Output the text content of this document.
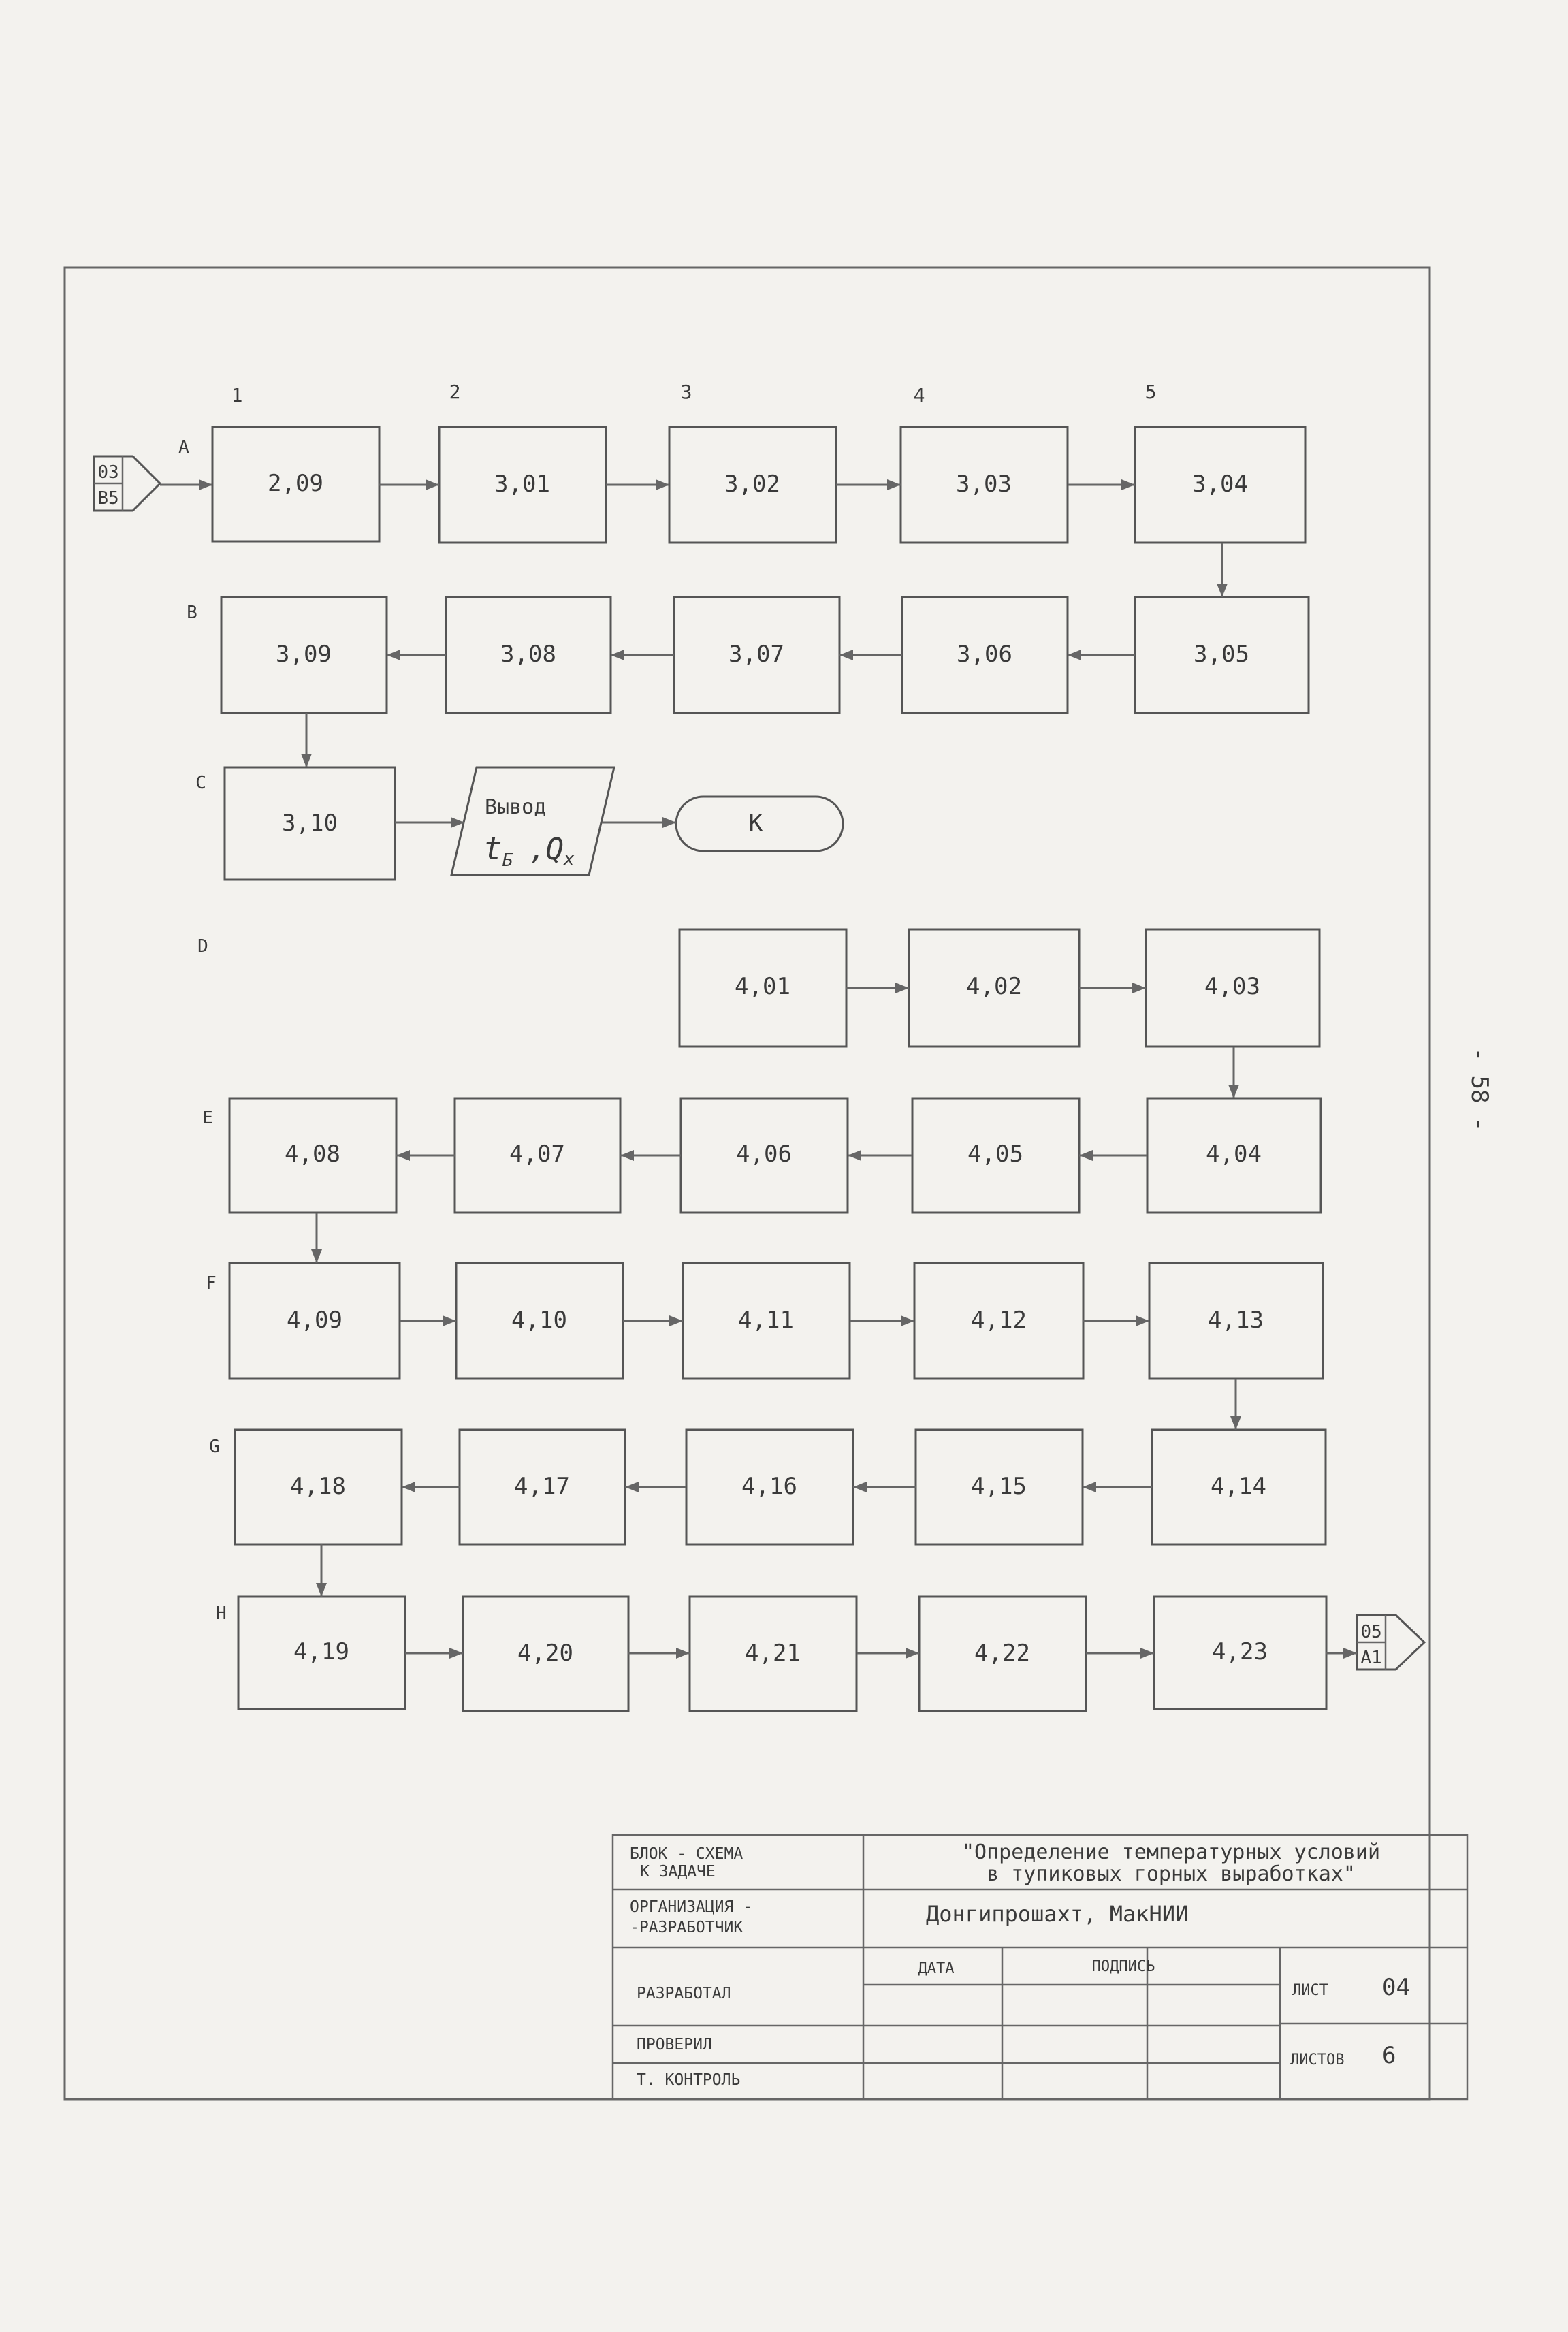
- 58 -
1	2	3	4	5
A
B
C
D
E
F
G
H
03
B5
05
A1
2,09	3,01	3,02	3,03	3,04
3,09	3,08	3,07	3,06	3,05
3,10
Вывод
$t_Б$ ,Qx
К
4,01	4,02	4,03
4,08	4,07	4,06	4,05	4,04
4,09	4,10	4,11	4,12	4,13
4,18	4,17	4,16	4,15	4,14
4,19	4,20	4,21	4,22	4,23
БЛОК - СХЕМА
К ЗАДАЧЕ
"Определение температурных условий
в тупиковых горных выработках"
ОРГАНИЗАЦИЯ -
-РАЗРАБОТЧИК
Донгипрошахт, МакНИИ
ДАТА	ПОДПИСЬ
РАЗРАБОТАЛ
ПРОВЕРИЛ
Т. КОНТРОЛЬ
ЛИСТ 04
ЛИСТОВ 6
